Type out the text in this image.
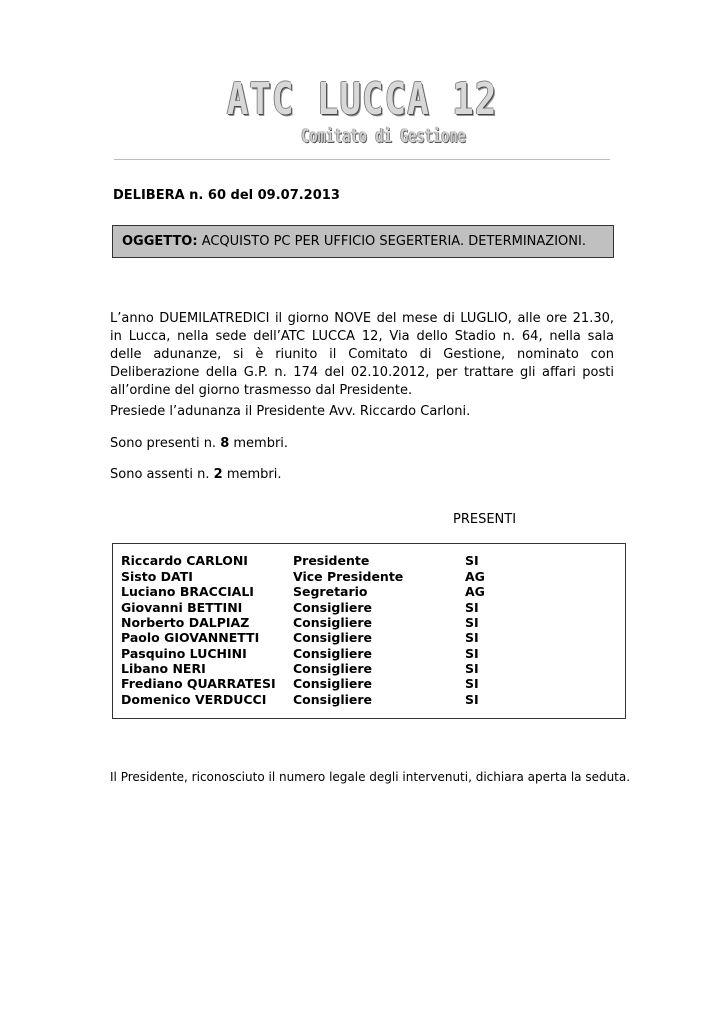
ATC LUCCA 12
Comitato di Gestione
DELIBERA n. 60 del 09.07.2013
OGGETTO: ACQUISTO PC PER UFFICIO SEGERTERIA. DETERMINAZIONI.
L’anno DUEMILATREDICI il giorno NOVE del mese di LUGLIO, alle ore 21.30, in Lucca, nella sede dell’ATC LUCCA 12, Via dello Stadio n. 64, nella sala delle adunanze, si è riunito il Comitato di Gestione, nominato con Deliberazione della G.P. n. 174 del 02.10.2012, per trattare gli affari posti all’ordine del giorno trasmesso dal Presidente.
Presiede l’adunanza il Presidente Avv. Riccardo Carloni.
Sono presenti n. 8 membri.
Sono assenti n. 2 membri.
PRESENTI
Riccardo CARLONI	Presidente	SI
Sisto DATI	Vice Presidente	AG
Luciano BRACCIALI	Segretario	AG
Giovanni BETTINI	Consigliere	SI
Norberto DALPIAZ	Consigliere	SI
Paolo GIOVANNETTI	Consigliere	SI
Pasquino LUCHINI	Consigliere	SI
Libano NERI	Consigliere	SI
Frediano QUARRATESI Consigliere	SI
Domenico VERDUCCI Consigliere	SI
Il Presidente, riconosciuto il numero legale degli intervenuti, dichiara aperta la seduta.
